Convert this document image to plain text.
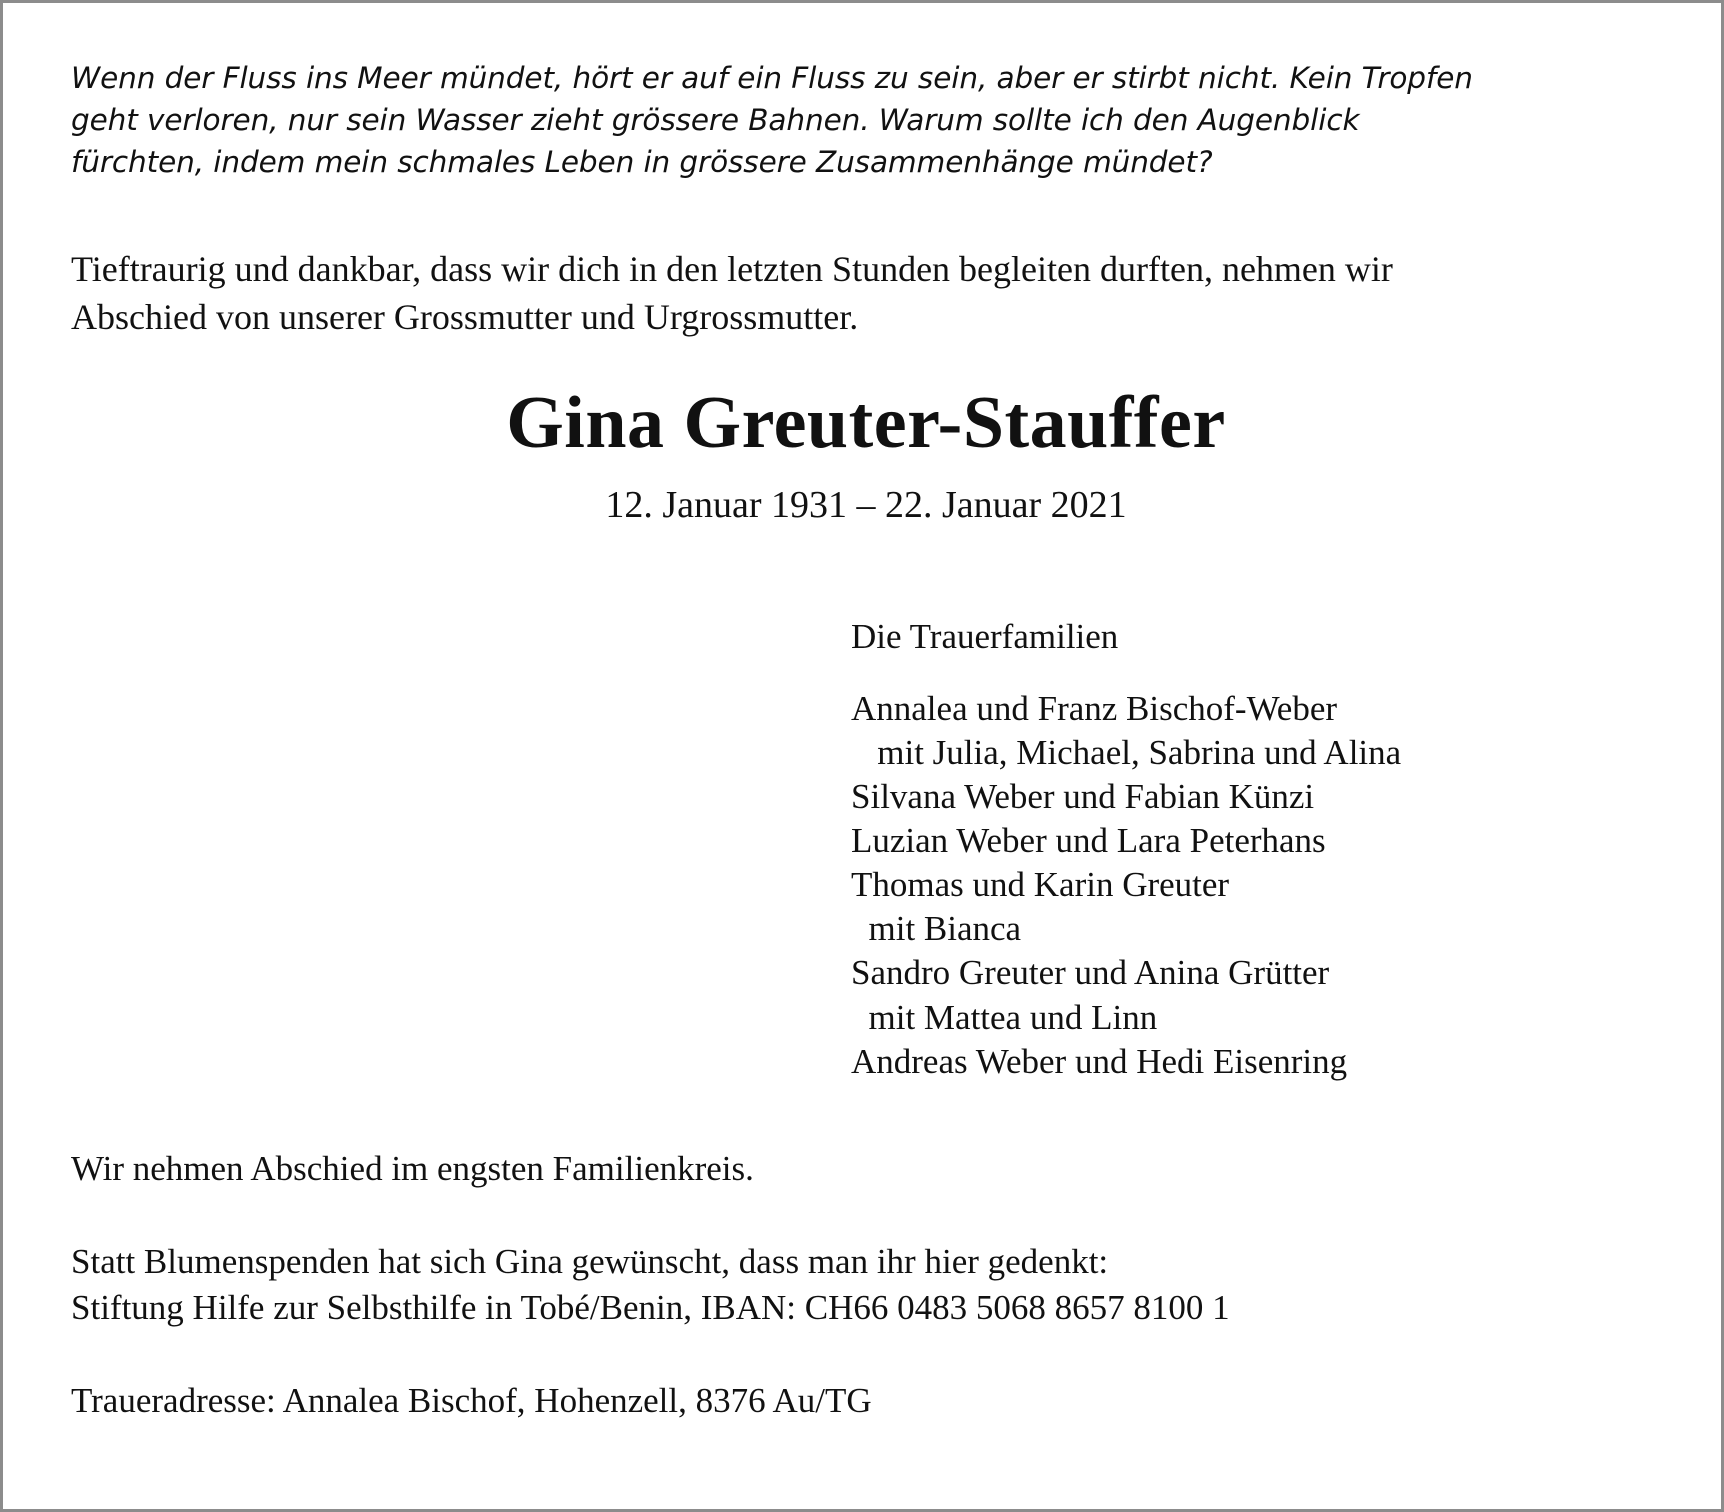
Wenn der Fluss ins Meer mündet, hört er auf ein Fluss zu sein, aber er stirbt nicht. Kein Tropfen geht verloren, nur sein Wasser zieht grössere Bahnen. Warum sollte ich den Augenblick fürchten, indem mein schmales Leben in grössere Zusammenhänge mündet?

Tieftraurig und dankbar, dass wir dich in den letzten Stunden begleiten durften, nehmen wir Abschied von unserer Grossmutter und Urgrossmutter.

Gina Greuter-Stauffer

12. Januar 1931 – 22. Januar 2021

Die Trauerfamilien
Annalea und Franz Bischof-Weber
mit Julia, Michael, Sabrina und Alina
Silvana Weber und Fabian Künzi
Luzian Weber und Lara Peterhans
Thomas und Karin Greuter
mit Bianca
Sandro Greuter und Anina Grütter
mit Mattea und Linn
Andreas Weber und Hedi Eisenring
Wir nehmen Abschied im engsten Familienkreis.
Statt Blumenspenden hat sich Gina gewünscht, dass man ihr hier gedenkt:
Stiftung Hilfe zur Selbsthilfe in Tobé/Benin, IBAN: CH66 0483 5068 8657 8100 1
Traueradresse: Annalea Bischof, Hohenzell, 8376 Au/TG
